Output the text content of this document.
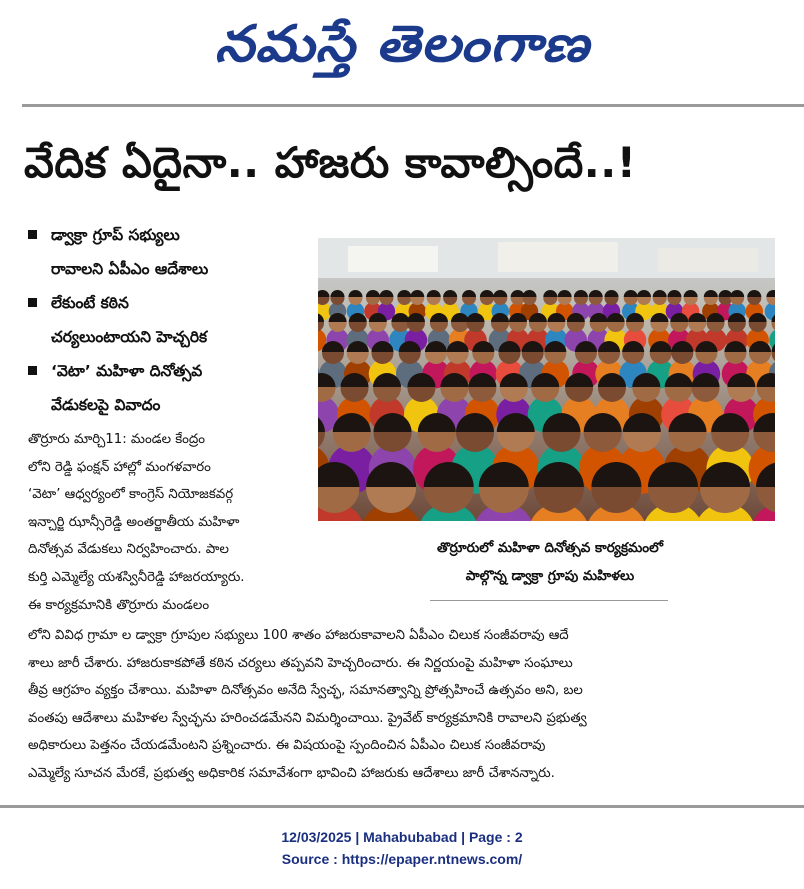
నమస్తే తెలంగాణ
వేదిక ఏదైనా.. హాజరు కావాల్సిందే..!
డ్వాక్రా గ్రూప్ సభ్యులు
రావాలని ఏపీఎం ఆదేశాలు
లేకుంటే కఠిన
చర్యలుంటాయని హెచ్చరిక
‘వెటా’ మహిళా దినోత్సవ
వేడుకలపై వివాదం
తొర్రూరులో మహిళా దినోత్సవ కార్యక్రమంలో
పాల్గొన్న డ్వాక్రా గ్రూపు మహిళలు
తొర్రూరు మార్చి11: మండల కేంద్రం
లోని రెడ్డి ఫంక్షన్ హాల్లో మంగళవారం
‘వెటా’ ఆధ్వర్యంలో కాంగ్రెస్ నియోజకవర్గ
ఇన్చార్జి ఝాన్సీరెడ్డి అంతర్జాతీయ మహిళా
దినోత్సవ వేడుకలు నిర్వహించారు. పాల
కుర్తి ఎమ్మెల్యే యశస్వినీరెడ్డి హాజరయ్యారు.
ఈ కార్యక్రమానికి తొర్రూరు మండలం
లోని వివిధ గ్రామా ల డ్వాక్రా గ్రూపుల సభ్యులు 100 శాతం హాజరుకావాలని ఏపీఎం చిలుక సంజీవరావు ఆదే
శాలు జారీ చేశారు. హాజరుకాకపోతే కఠిన చర్యలు తప్పవని హెచ్చరించారు. ఈ నిర్ణయంపై మహిళా సంఘాలు
తీవ్ర ఆగ్రహం వ్యక్తం చేశాయి. మహిళా దినోత్సవం అనేది స్వేచ్ఛ, సమానత్వాన్ని ప్రోత్సహించే ఉత్సవం అని, బల
వంతపు ఆదేశాలు మహిళల స్వేచ్ఛను హరించడమేనని విమర్శించాయి. ప్రైవేట్ కార్యక్రమానికి రావాలని ప్రభుత్వ
అధికారులు పెత్తనం చేయడమేంటని ప్రశ్నించారు. ఈ విషయంపై స్పందించిన ఏపీఎం చిలుక సంజీవరావు
ఎమ్మెల్యే సూచన మేరకే, ప్రభుత్వ అధికారిక సమావేశంగా భావించి హాజరుకు ఆదేశాలు జారీ చేశానన్నారు.
12/03/2025 | Mahabubabad | Page : 2
Source : https://epaper.ntnews.com/
